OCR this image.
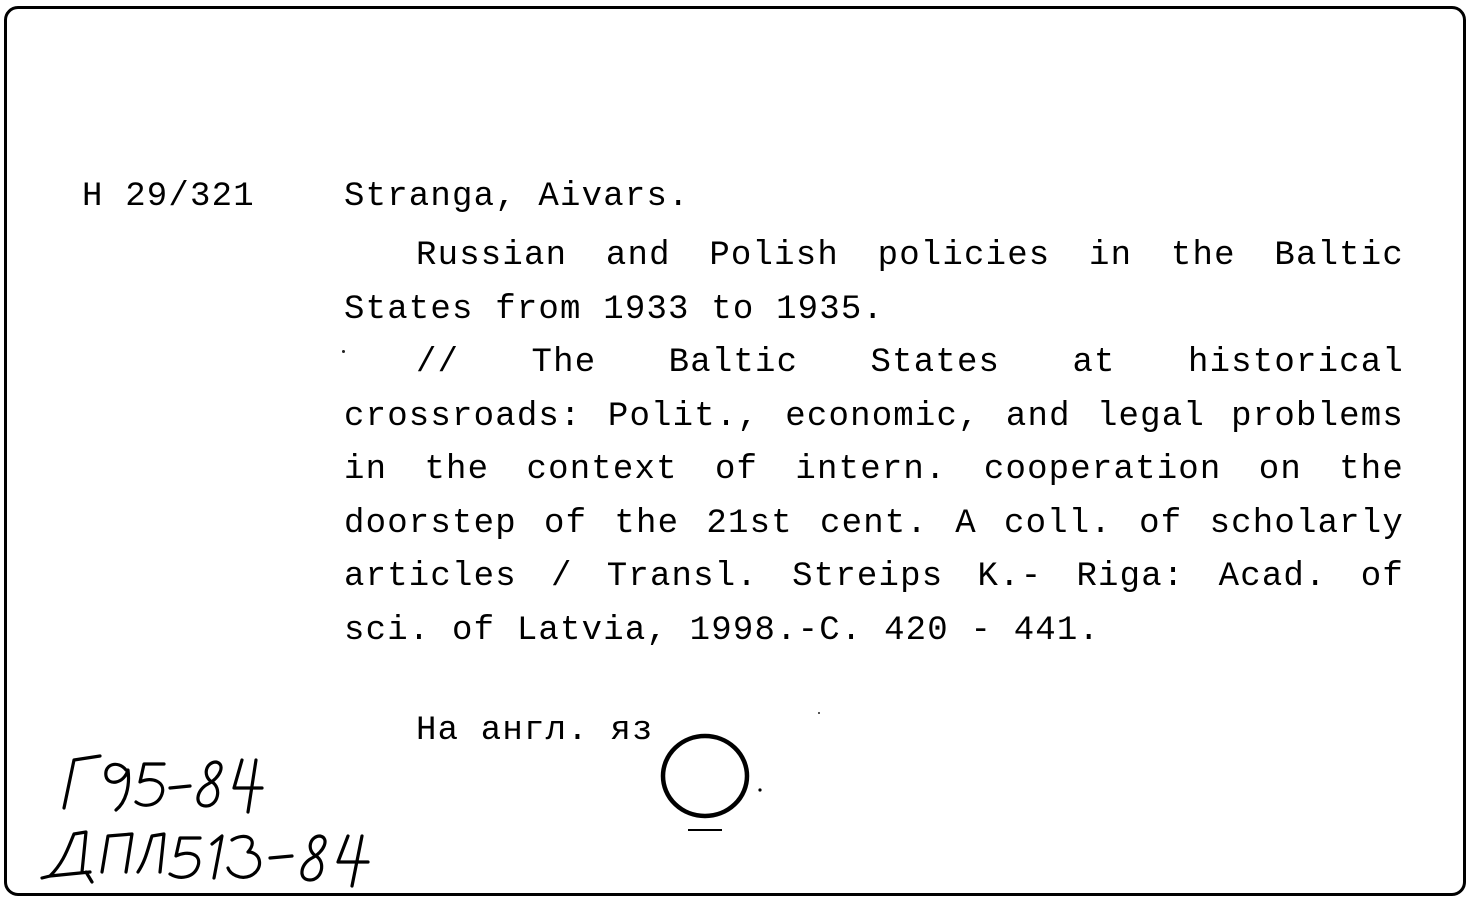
H 29/321	Stranga, Aivars.

Russian and Polish policies in the Baltic States from 1933 to 1935.

// The Baltic States at historical crossroads: Polit., economic, and legal problems in the context of intern. cooperation on the doorstep of the 21st cent. A coll. of scholarly articles / Transl. Streips K.- Riga: Acad. of sci. of Latvia, 1998.-C. 420 - 441.

На англ. яз
